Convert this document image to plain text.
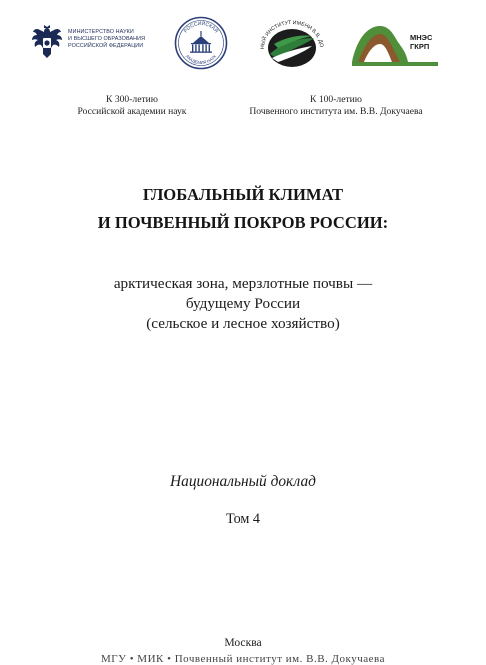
МИНИСТЕРСТВО НАУКИ
И ВЫСШЕГО ОБРАЗОВАНИЯ
РОССИЙСКОЙ ФЕДЕРАЦИИ
РОССИЙСКАЯ
АКАДЕМИЯ НАУК
НЫЙ ИНСТИТУТ ИМЕНИ В.В. ДО
МНЭС
ГКРП
К 300-летию
Российской академии наук
К 100-летию
Почвенного института им. В.В. Докучаева
ГЛОБАЛЬНЫЙ КЛИМАТ
И ПОЧВЕННЫЙ ПОКРОВ РОССИИ:
арктическая зона, мерзлотные почвы —
будущему России
(сельское и лесное хозяйство)
Национальный доклад
Том 4
Москва
МГУ • МИК • Почвенный институт им. В.В. Докучаева
